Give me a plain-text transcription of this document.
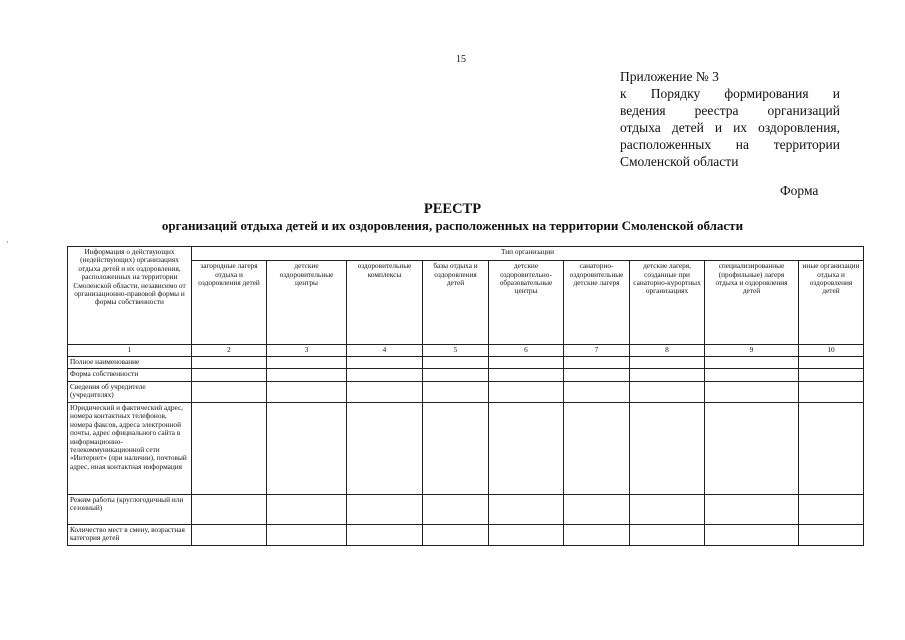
15
Приложение № 3
к Порядку формирования и
ведения реестра организаций
отдыха детей и их оздоровления,
расположенных на территории
Смоленской области
Форма
РЕЕСТР
организаций отдыха детей и их оздоровления, расположенных на территории Смоленской области
·
Информация о действующих (недействующих) организациях отдыха детей и их оздоровления, расположенных на территории Смоленской области, независимо от организационно-правовой формы и формы собственности	Тип организации								
	загородные лагеря отдыха и оздоровления детей	детские оздоровительные центры	оздоровительные комплексы	базы отдыха и оздоровления детей	детские оздоровительно-образовательные центры	санаторно-оздоровительные детские лагеря	детские лагеря, созданные при санаторно-курортных организациях	специализированные (профильные) лагеря отдыха и оздоровления детей	иные организации отдыха и оздоровления детей
1	2	3	4	5	6	7	8	9	10
Полное наименование									
Форма собственности									
Сведения об учредителе (учредителях)									
Юридический и фактический адрес, номера контактных телефонов, номера факсов, адреса электронной почты, адрес официального сайта в информационно-телекоммуникационной сети «Интернет» (при наличии), почтовый адрес, иная контактная информация									
Режим работы (круглогодичный или сезонный)									
Количество мест в смену, возрастная категория детей									
